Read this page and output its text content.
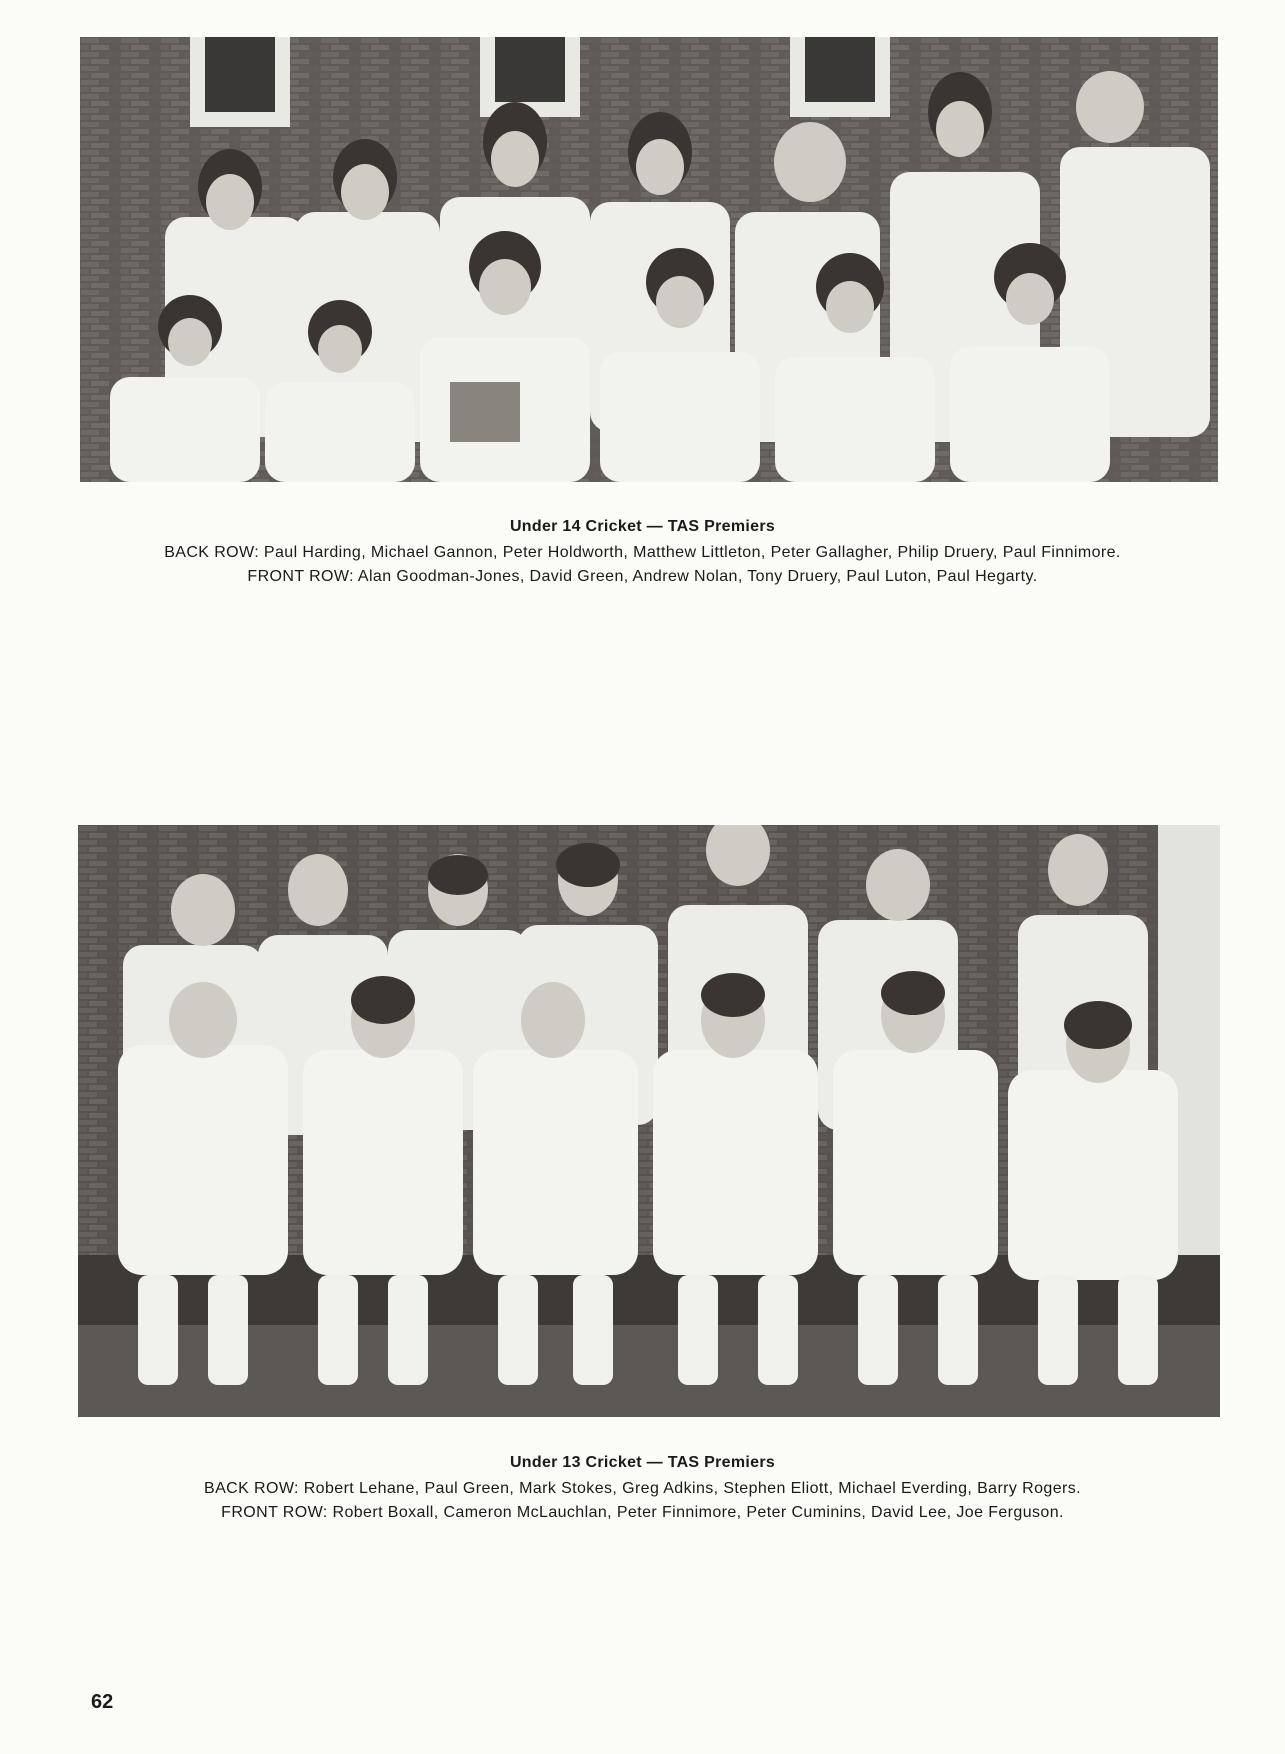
Under 14 Cricket — TAS Premiers
BACK ROW: Paul Harding, Michael Gannon, Peter Holdworth, Matthew Littleton, Peter Gallagher, Philip Druery, Paul Finnimore.
FRONT ROW: Alan Goodman-Jones, David Green, Andrew Nolan, Tony Druery, Paul Luton, Paul Hegarty.
Under 13 Cricket — TAS Premiers
BACK ROW: Robert Lehane, Paul Green, Mark Stokes, Greg Adkins, Stephen Eliott, Michael Everding, Barry Rogers.
FRONT ROW: Robert Boxall, Cameron McLauchlan, Peter Finnimore, Peter Cuminins, David Lee, Joe Ferguson.
62
